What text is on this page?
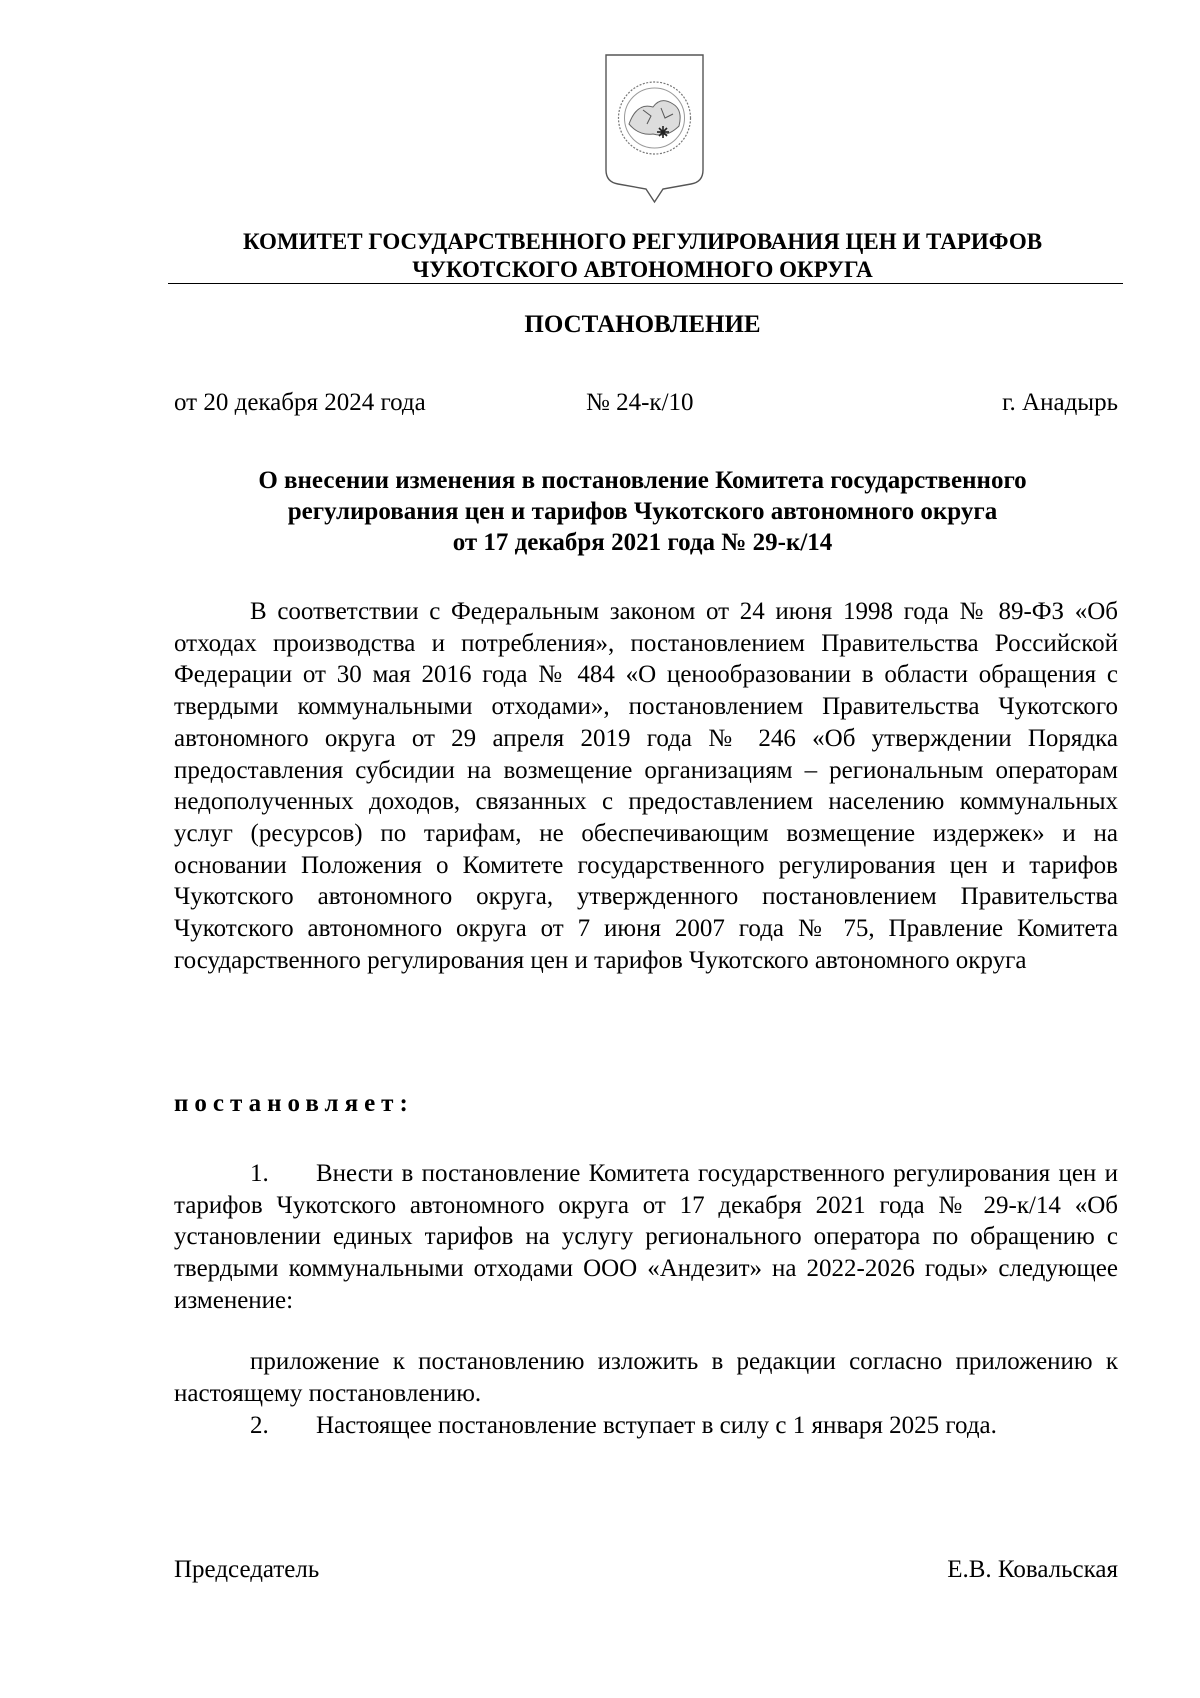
КОМИТЕТ ГОСУДАРСТВЕННОГО РЕГУЛИРОВАНИЯ ЦЕН И ТАРИФОВ
ЧУКОТСКОГО АВТОНОМНОГО ОКРУГА
ПОСТАНОВЛЕНИЕ
от 20 декабря 2024 года	№ 24-к/10	г. Анадырь
О внесении изменения в постановление Комитета государственного
регулирования цен и тарифов Чукотского автономного округа
от 17 декабря 2021 года № 29-к/14
В соответствии с Федеральным законом от 24 июня 1998 года № 89-ФЗ «Об отходах производства и потребления», постановлением Правительства Российской Федерации от 30 мая 2016 года № 484 «О ценообразовании в области обращения с твердыми коммунальными отходами», постановлением Правительства Чукотского автономного округа от 29 апреля 2019 года № 246 «Об утверждении Порядка предоставления субсидии на возмещение организациям – региональным операторам недополученных доходов, связанных с предоставлением населению коммунальных услуг (ресурсов) по тарифам, не обеспечивающим возмещение издержек» и на основании Положения о Комитете государственного регулирования цен и тарифов Чукотского автономного округа, утвержденного постановлением Правительства Чукотского автономного округа от 7 июня 2007 года № 75, Правление Комитета государственного регулирования цен и тарифов Чукотского автономного округа
постановляет:
1. Внести в постановление Комитета государственного регулирования цен и тарифов Чукотского автономного округа от 17 декабря 2021 года № 29-к/14 «Об установлении единых тарифов на услугу регионального оператора по обращению с твердыми коммунальными отходами ООО «Андезит» на 2022-2026 годы» следующее изменение:
приложение к постановлению изложить в редакции согласно приложению к настоящему постановлению.
2. Настоящее постановление вступает в силу с 1 января 2025 года.
Председатель	Е.В. Ковальская
